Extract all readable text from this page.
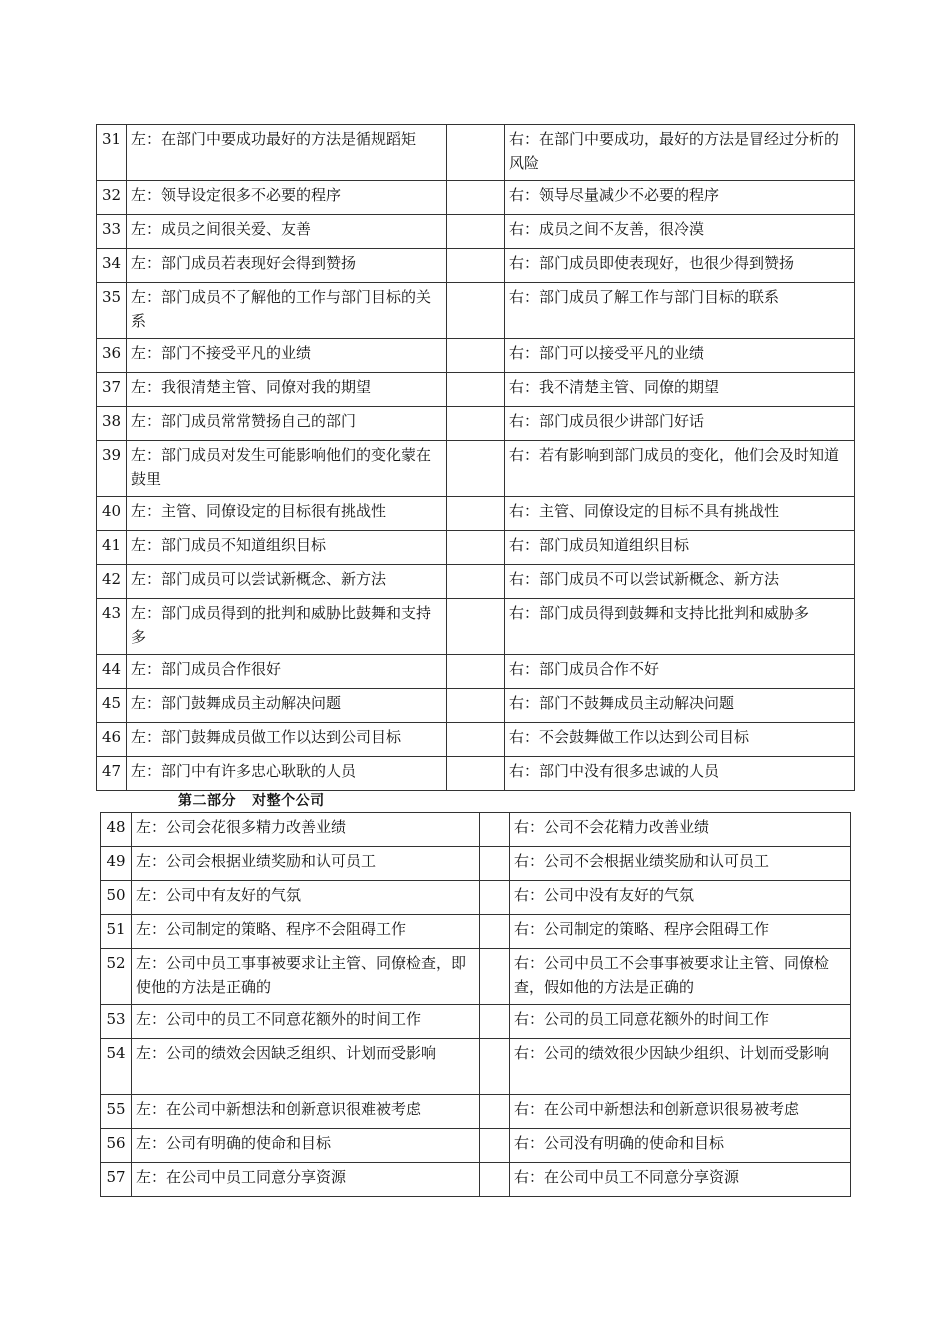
31	左：在部门中要成功最好的方法是循规蹈矩		右：在部门中要成功，最好的方法是冒经过分析的风险
32	左：领导设定很多不必要的程序		右：领导尽量减少不必要的程序
33	左：成员之间很关爱、友善		右：成员之间不友善，很冷漠
34	左：部门成员若表现好会得到赞扬		右：部门成员即使表现好，也很少得到赞扬
35	左：部门成员不了解他的工作与部门目标的关系		右：部门成员了解工作与部门目标的联系
36	左：部门不接受平凡的业绩		右：部门可以接受平凡的业绩
37	左：我很清楚主管、同僚对我的期望		右：我不清楚主管、同僚的期望
38	左：部门成员常常赞扬自己的部门		右：部门成员很少讲部门好话
39	左：部门成员对发生可能影响他们的变化蒙在鼓里		右：若有影响到部门成员的变化，他们会及时知道
40	左：主管、同僚设定的目标很有挑战性		右：主管、同僚设定的目标不具有挑战性
41	左：部门成员不知道组织目标		右：部门成员知道组织目标
42	左：部门成员可以尝试新概念、新方法		右：部门成员不可以尝试新概念、新方法
43	左：部门成员得到的批判和威胁比鼓舞和支持多		右：部门成员得到鼓舞和支持比批判和威胁多
44	左：部门成员合作很好		右：部门成员合作不好
45	左：部门鼓舞成员主动解决问题		右：部门不鼓舞成员主动解决问题
46	左：部门鼓舞成员做工作以达到公司目标		右：不会鼓舞做工作以达到公司目标
47	左：部门中有许多忠心耿耿的人员		右：部门中没有很多忠诚的人员
第二部分   对整个公司
48	左：公司会花很多精力改善业绩		右：公司不会花精力改善业绩
49	左：公司会根据业绩奖励和认可员工		右：公司不会根据业绩奖励和认可员工
50	左：公司中有友好的气氛		右：公司中没有友好的气氛
51	左：公司制定的策略、程序不会阻碍工作		右：公司制定的策略、程序会阻碍工作
52	左：公司中员工事事被要求让主管、同僚检查，即使他的方法是正确的		右：公司中员工不会事事被要求让主管、同僚检查，假如他的方法是正确的
53	左：公司中的员工不同意花额外的时间工作		右：公司的员工同意花额外的时间工作
54	左：公司的绩效会因缺乏组织、计划而受影响		右：公司的绩效很少因缺少组织、计划而受影响
55	左：在公司中新想法和创新意识很难被考虑		右：在公司中新想法和创新意识很易被考虑
56	左：公司有明确的使命和目标		右：公司没有明确的使命和目标
57	左：在公司中员工同意分享资源		右：在公司中员工不同意分享资源
